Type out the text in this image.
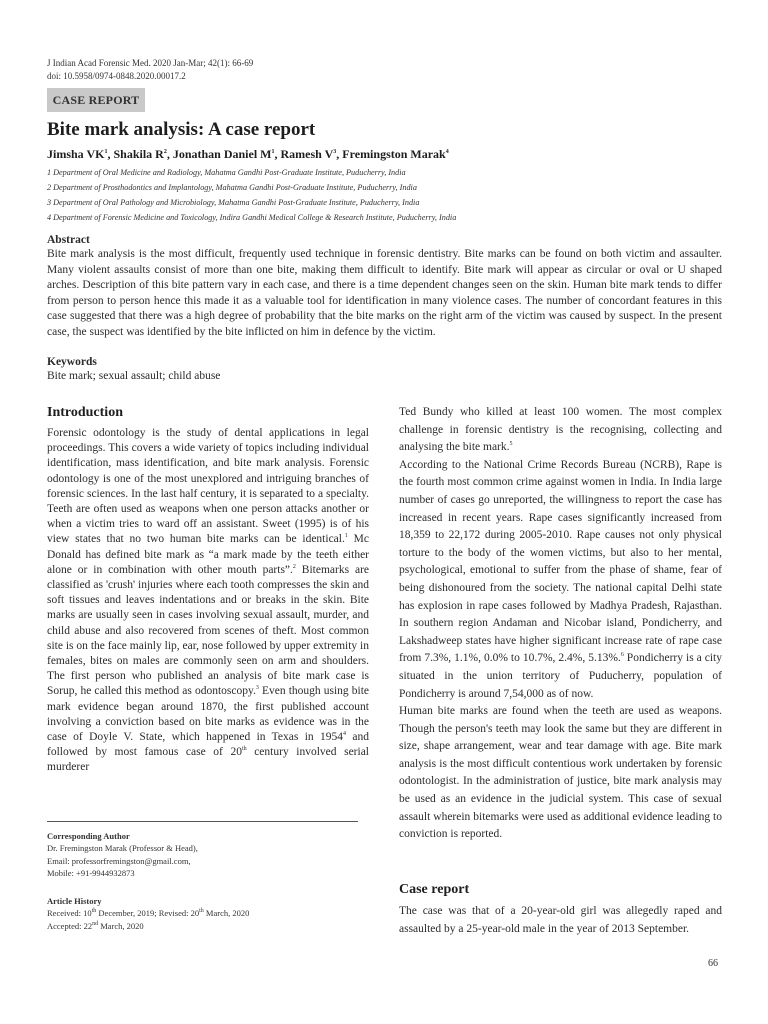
J Indian Acad Forensic Med. 2020 Jan-Mar; 42(1): 66-69
doi: 10.5958/0974-0848.2020.00017.2
CASE REPORT
Bite mark analysis: A case report
Jimsha $VK^1$, Shakila $R^2$, Jonathan Daniel $M^1$, Ramesh $V^3$, Fremingston Marak$^4$
1 Department of Oral Medicine and Radiology, Mahatma Gandhi Post-Graduate Institute, Puducherry, India
2 Department of Prosthodontics and Implantology, Mahatma Gandhi Post-Graduate Institute, Puducherry, India
3 Department of Oral Pathology and Microbiology, Mahatma Gandhi Post-Graduate Institute, Puducherry, India
4 Department of Forensic Medicine and Toxicology, Indira Gandhi Medical College & Research Institute, Puducherry, India
Abstract
Bite mark analysis is the most difficult, frequently used technique in forensic dentistry. Bite marks can be found on both victim and assaulter. Many violent assaults consist of more than one bite, making them difficult to identify. Bite mark will appear as circular or oval or U shaped arches. Description of this bite pattern vary in each case, and there is a time dependent changes seen on the skin. Human bite mark tends to differ from person to person hence this made it as a valuable tool for identification in many violence cases. The number of concordant features in this case suggested that there was a high degree of probability that the bite marks on the right arm of the victim was caused by suspect. In the present case, the suspect was identified by the bite inflicted on him in defence by the victim.
Keywords
Bite mark; sexual assault; child abuse
Introduction

Forensic odontology is the study of dental applications in legal proceedings. This covers a wide variety of topics including individual identification, mass identification, and bite mark analysis. Forensic odontology is one of the most unexplored and intriguing branches of forensic sciences. In the last half century, it is separated to a specialty. Teeth are often used as weapons when one person attacks another or when a victim tries to ward off an assistant. Sweet (1995) is of his view states that no two human bite marks can be identical.$^1$ Mc Donald has defined bite mark as “a mark made by the teeth either alone or in combination with other mouth parts”.$^2$ Bitemarks are classified as 'crush' injuries where each tooth compresses the skin and soft tissues and leaves indentations and or breaks in the skin. Bite marks are usually seen in cases involving sexual assault, murder, and child abuse and also recovered from scenes of theft. Most common site is on the face mainly lip, ear, nose followed by upper extremity in females, bites on males are commonly seen on arm and shoulders. The first person who published an analysis of bite mark case is Sorup, he called this method as odontoscopy.$^3$ Even though using bite mark evidence began around 1870, the first published account involving a conviction based on bite marks as evidence was in the case of Doyle V. State, which happened in Texas in 1954$^4$ and followed by most famous case of 20th century involved serial murderer

Ted Bundy who killed at least 100 women. The most complex challenge in forensic dentistry is the recognising, collecting and analysing the bite mark.$^5$

According to the National Crime Records Bureau (NCRB), Rape is the fourth most common crime against women in India. In India large number of cases go unreported, the willingness to report the case has increased in recent years. Rape cases significantly increased from 18,359 to 22,172 during 2005-2010. Rape causes not only physical torture to the body of the women victims, but also to her mental, psychological, emotional to suffer from the phase of shame, fear of being dishonoured from the society. The national capital Delhi state has explosion in rape cases followed by Madhya Pradesh, Rajasthan. In southern region Andaman and Nicobar island, Pondicherry, and Lakshadweep states have higher significant increase rate of rape case from 7.3%, 1.1%, 0.0% to 10.7%, 2.4%, 5.13%.$^6$ Pondicherry is a city situated in the union territory of Puducherry, population of Pondicherry is around 7,54,000 as of now.

Human bite marks are found when the teeth are used as weapons. Though the person's teeth may look the same but they are different in size, shape arrangement, wear and tear damage with age. Bite mark analysis is the most difficult contentious work undertaken by forensic odontologist. In the administration of justice, bite mark analysis may be used as an evidence in the judicial system. This case of sexual assault wherein bitemarks were used as additional evidence leading to conviction is reported.

Case report
The case was that of a 20-year-old girl was allegedly raped and assaulted by a 25-year-old male in the year of 2013 September.
Corresponding Author
Dr. Fremingston Marak (Professor & Head),
Email: professorfremingston@gmail.com,
Mobile: +91-9944932873
Article History
Received: 10th December, 2019; Revised: 20th March, 2020
Accepted: 22nd March, 2020
66
